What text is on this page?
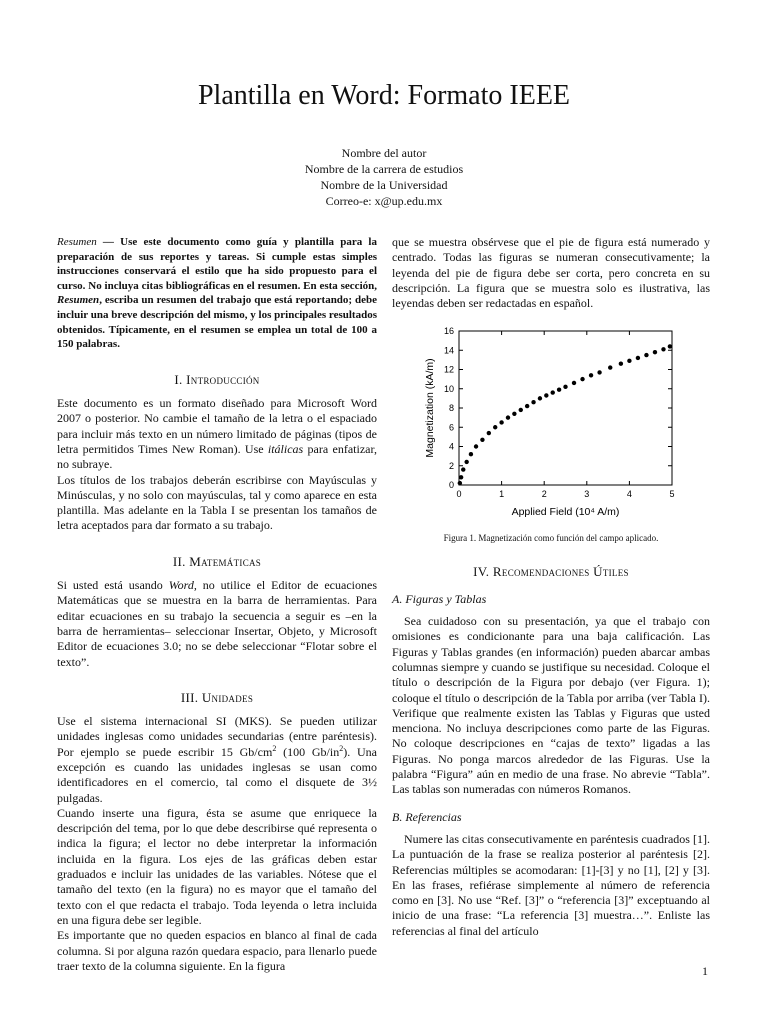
Plantilla en Word: Formato IEEE
Nombre del autor
Nombre de la carrera de estudios
Nombre de la Universidad
Correo-e: x@up.edu.mx

Resumen — Use este documento como guía y plantilla para la preparación de sus reportes y tareas. Si cumple estas simples instrucciones conservará el estilo que ha sido propuesto para el curso. No incluya citas bibliográficas en el resumen. En esta sección, Resumen, escriba un resumen del trabajo que está reportando; debe incluir una breve descripción del mismo, y los principales resultados obtenidos. Típicamente, en el resumen se emplea un total de 100 a 150 palabras.

I. Introducción

Este documento es un formato diseñado para Microsoft Word 2007 o posterior. No cambie el tamaño de la letra o el espaciado para incluir más texto en un número limitado de páginas (tipos de letra permitidos Times New Roman). Use itálicas para enfatizar, no subraye.

Los títulos de los trabajos deberán escribirse con Mayúsculas y Minúsculas, y no solo con mayúsculas, tal y como aparece en esta plantilla. Mas adelante en la Tabla I se presentan los tamaños de letra aceptados para dar formato a su trabajo.

II. Matemáticas

Si usted está usando Word, no utilice el Editor de ecuaciones Matemáticas que se muestra en la barra de herramientas. Para editar ecuaciones en su trabajo la secuencia a seguir es –en la barra de herramientas– seleccionar Insertar, Objeto, y Microsoft Editor de ecuaciones 3.0; no se debe seleccionar “Flotar sobre el texto”.

III. Unidades

Use el sistema internacional SI (MKS). Se pueden utilizar unidades inglesas como unidades secundarias (entre paréntesis). Por ejemplo se puede escribir 15 $Gb/cm^2$ (100 $Gb/in^2$). Una excepción es cuando las unidades inglesas se usan como identificadores en el comercio, tal como el disquete de 3½ pulgadas.

Cuando inserte una figura, ésta se asume que enriquece la descripción del tema, por lo que debe describirse qué representa o indica la figura; el lector no debe interpretar la información incluida en la figura. Los ejes de las gráficas deben estar graduados e incluir las unidades de las variables. Nótese que el tamaño del texto (en la figura) no es mayor que el tamaño del texto con el que redacta el trabajo. Toda leyenda o letra incluida en una figura debe ser legible.

Es importante que no queden espacios en blanco al final de cada columna. Si por alguna razón quedara espacio, para llenarlo puede traer texto de la columna siguiente. En la figura

que se muestra obsérvese que el pie de figura está numerado y centrado. Todas las figuras se numeran consecutivamente; la leyenda del pie de figura debe ser corta, pero concreta en su descripción. La figura que se muestra solo es ilustrativa, las leyendas deben ser redactadas en español.

0	1	2	3	4	5
0
2
4
6
8
10
12
14
16
Applied Field (10⁴ A/m)
Magnetization (kA/m)

Figura 1. Magnetización como función del campo aplicado.

IV. Recomendaciones Útiles
A. Figuras y Tablas

Sea cuidadoso con su presentación, ya que el trabajo con omisiones es condicionante para una baja calificación. Las Figuras y Tablas grandes (en información) pueden abarcar ambas columnas siempre y cuando se justifique su necesidad. Coloque el título o descripción de la Figura por debajo (ver Figura. 1); coloque el título o descripción de la Tabla por arriba (ver Tabla I). Verifique que realmente existen las Tablas y Figuras que usted menciona. No incluya descripciones como parte de las Figuras. No coloque descripciones en “cajas de texto” ligadas a las Figuras. No ponga marcos alrededor de las Figuras. Use la palabra “Figura” aún en medio de una frase. No abrevie “Tabla”. Las tablas son numeradas con números Romanos.

B. Referencias

Numere las citas consecutivamente en paréntesis cuadrados [1]. La puntuación de la frase se realiza posterior al paréntesis [2]. Referencias múltiples se acomodaran: [1]-[3] y no [1], [2] y [3]. En las frases, refiérase simplemente al número de referencia como en [3]. No use “Ref. [3]” o “referencia [3]” exceptuando al inicio de una frase: “La referencia [3] muestra…”. Enliste las referencias al final del artículo

1
